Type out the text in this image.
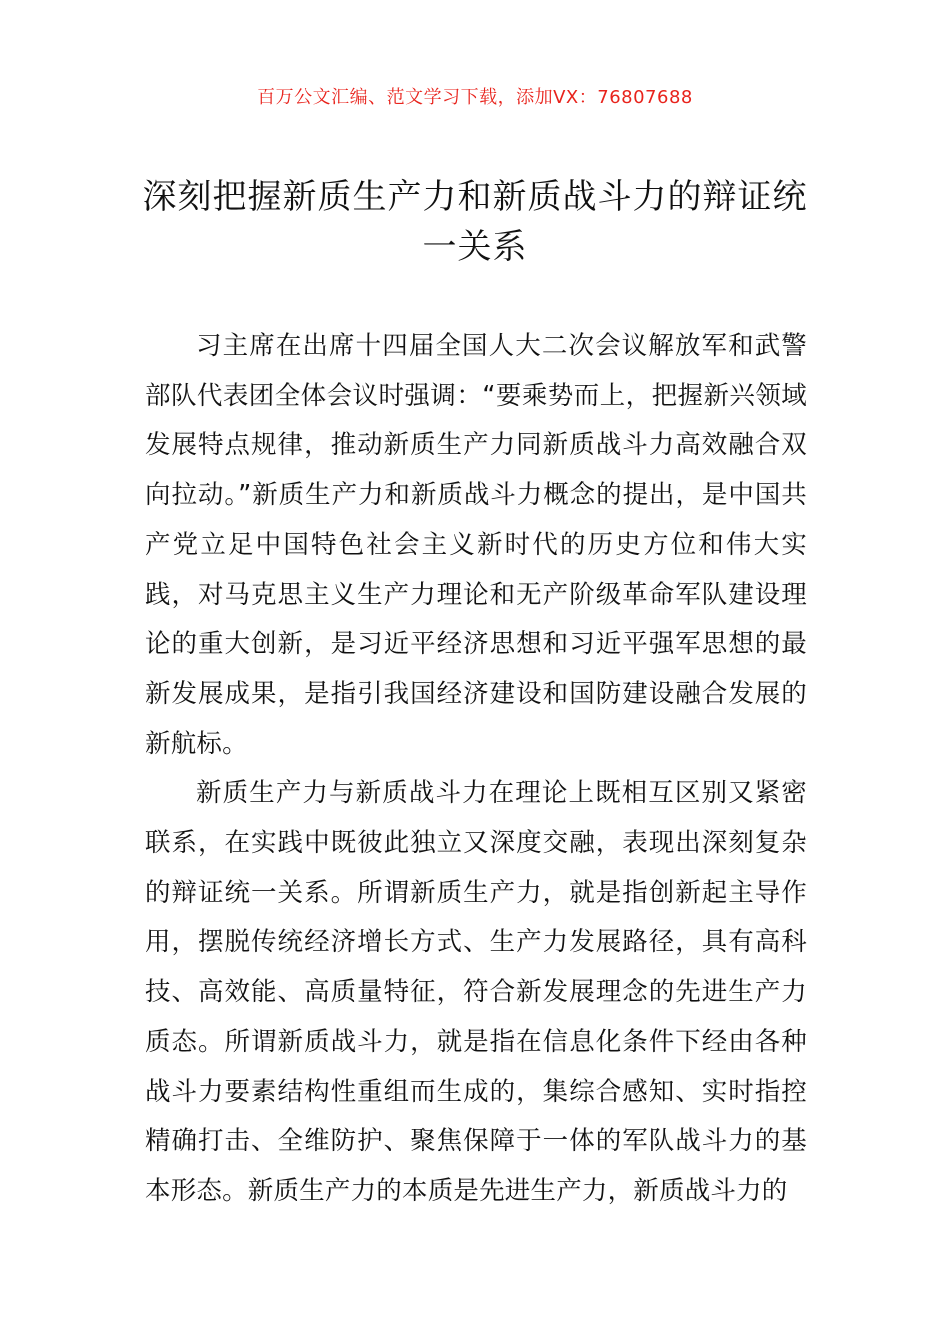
百万公文汇编、范文学习下载，添加VX：76807688
深刻把握新质生产力和新质战斗力的辩证统一关系

习主席在出席十四届全国人大二次会议解放军和武警部队代表团全体会议时强调：“要乘势而上，把握新兴领域发展特点规律，推动新质生产力同新质战斗力高效融合双向拉动。”新质生产力和新质战斗力概念的提出，是中国共产党立足中国特色社会主义新时代的历史方位和伟大实践，对马克思主义生产力理论和无产阶级革命军队建设理论的重大创新，是习近平经济思想和习近平强军思想的最新发展成果，是指引我国经济建设和国防建设融合发展的新航标。

新质生产力与新质战斗力在理论上既相互区别又紧密联系，在实践中既彼此独立又深度交融，表现出深刻复杂的辩证统一关系。所谓新质生产力，就是指创新起主导作用，摆脱传统经济增长方式、生产力发展路径，具有高科技、高效能、高质量特征，符合新发展理念的先进生产力质态。所谓新质战斗力，就是指在信息化条件下经由各种战斗力要素结构性重组而生成的，集综合感知、实时指控精确打击、全维防护、聚焦保障于一体的军队战斗力的基本形态。新质生产力的本质是先进生产力，新质战斗力的
